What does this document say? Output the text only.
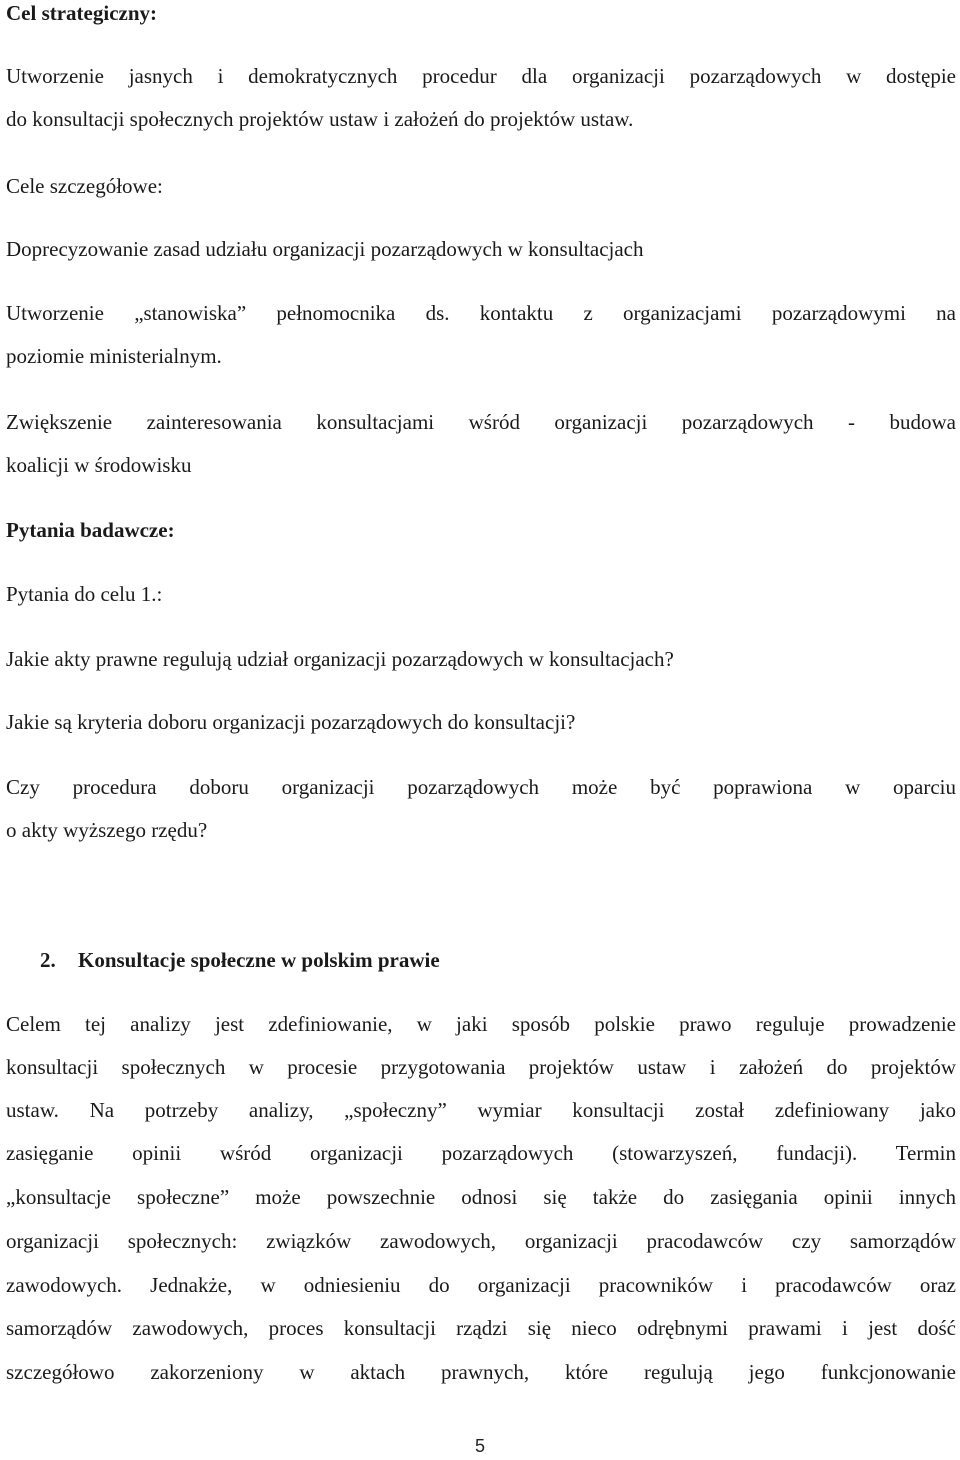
Cel strategiczny:
Utworzenie jasnych i demokratycznych procedur dla organizacji pozarządowych w dostępie
do konsultacji społecznych projektów ustaw i założeń do projektów ustaw.
Cele szczegółowe:
Doprecyzowanie zasad udziału organizacji pozarządowych w konsultacjach
Utworzenie „stanowiska” pełnomocnika ds. kontaktu z organizacjami pozarządowymi na
poziomie ministerialnym.
Zwiększenie zainteresowania konsultacjami wśród organizacji pozarządowych - budowa
koalicji w środowisku
Pytania badawcze:
Pytania do celu 1.:
Jakie akty prawne regulują udział organizacji pozarządowych w konsultacjach?
Jakie są kryteria doboru organizacji pozarządowych do konsultacji?
Czy procedura doboru organizacji pozarządowych może być poprawiona w oparciu
o akty wyższego rzędu?
2. Konsultacje społeczne w polskim prawie
Celem tej analizy jest zdefiniowanie, w jaki sposób polskie prawo reguluje prowadzenie
konsultacji społecznych w procesie przygotowania projektów ustaw i założeń do projektów
ustaw. Na potrzeby analizy, „społeczny” wymiar konsultacji został zdefiniowany jako
zasięganie opinii wśród organizacji pozarządowych (stowarzyszeń, fundacji). Termin
„konsultacje społeczne” może powszechnie odnosi się także do zasięgania opinii innych
organizacji społecznych: związków zawodowych, organizacji pracodawców czy samorządów
zawodowych. Jednakże, w odniesieniu do organizacji pracowników i pracodawców oraz
samorządów zawodowych, proces konsultacji rządzi się nieco odrębnymi prawami i jest dość
szczegółowo zakorzeniony w aktach prawnych, które regulują jego funkcjonowanie
5
